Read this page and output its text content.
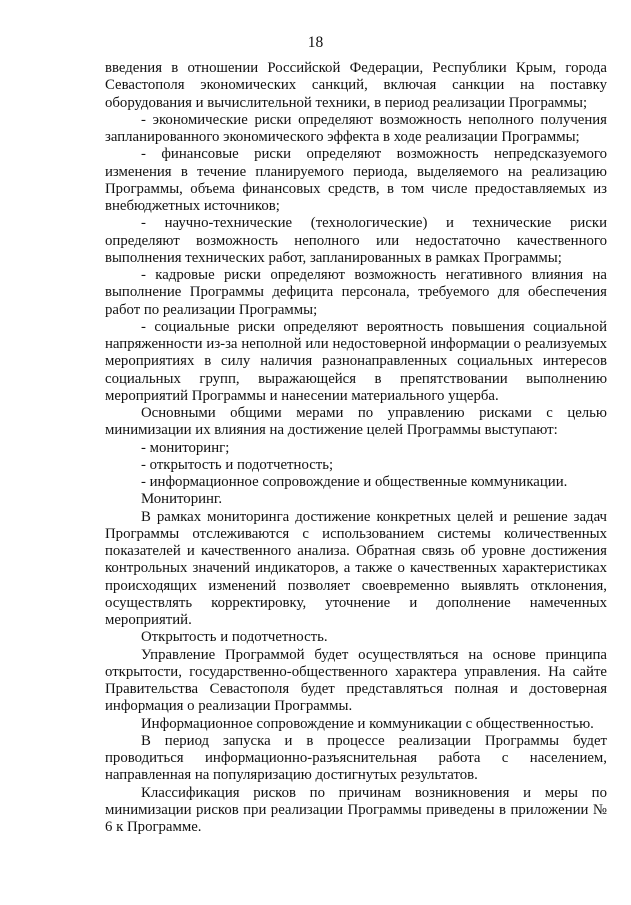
18

введения в отношении Российской Федерации, Республики Крым, города Севастополя экономических санкций, включая санкции на поставку оборудования и вычислительной техники, в период реализации Программы;

- экономические риски определяют возможность неполного получения запланированного экономического эффекта в ходе реализации Программы;

- финансовые риски определяют возможность непредсказуемого изменения в течение планируемого периода, выделяемого на реализацию Программы, объема финансовых средств, в том числе предоставляемых из внебюджетных источников;

- научно-технические (технологические) и технические риски определяют возможность неполного или недостаточно качественного выполнения технических работ, запланированных в рамках Программы;

- кадровые риски определяют возможность негативного влияния на выполнение Программы дефицита персонала, требуемого для обеспечения работ по реализации Программы;

- социальные риски определяют вероятность повышения социальной напряженности из-за неполной или недостоверной информации о реализуемых мероприятиях в силу наличия разнонаправленных социальных интересов социальных групп, выражающейся в препятствовании выполнению мероприятий Программы и нанесении материального ущерба.

Основными общими мерами по управлению рисками с целью минимизации их влияния на достижение целей Программы выступают:

- мониторинг;

- открытость и подотчетность;

- информационное сопровождение и общественные коммуникации.

Мониторинг.

В рамках мониторинга достижение конкретных целей и решение задач Программы отслеживаются с использованием системы количественных показателей и качественного анализа. Обратная связь об уровне достижения контрольных значений индикаторов, а также о качественных характеристиках происходящих изменений позволяет своевременно выявлять отклонения, осуществлять корректировку, уточнение и дополнение намеченных мероприятий.

Открытость и подотчетность.

Управление Программой будет осуществляться на основе принципа открытости, государственно-общественного характера управления. На сайте Правительства Севастополя будет представляться полная и достоверная информация о реализации Программы.

Информационное сопровождение и коммуникации с общественностью.

В период запуска и в процессе реализации Программы будет проводиться информационно-разъяснительная работа с населением, направленная на популяризацию достигнутых результатов.

Классификация рисков по причинам возникновения и меры по минимизации рисков при реализации Программы приведены в приложении № 6 к Программе.
